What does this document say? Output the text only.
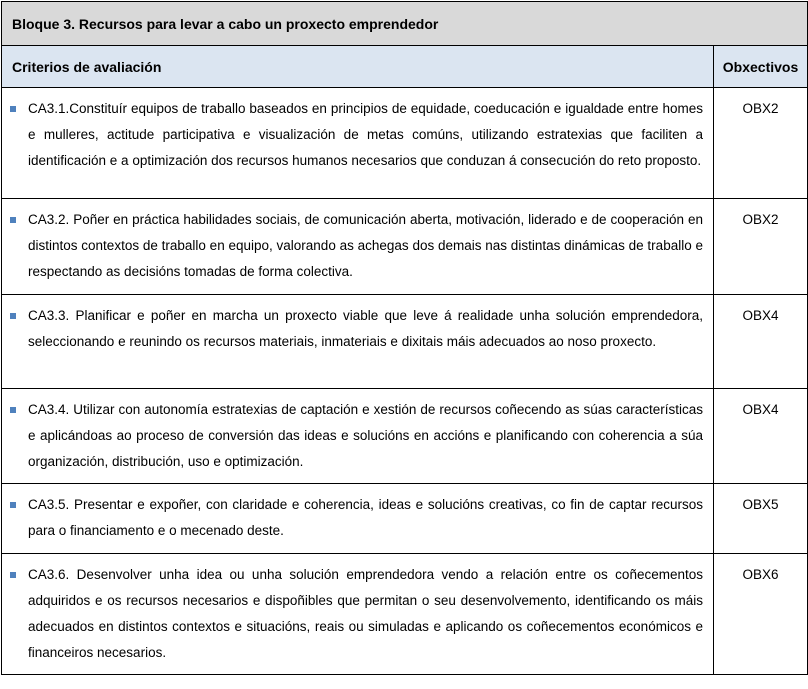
Bloque 3. Recursos para levar a cabo un proxecto emprendedor	
Criterios de avaliación	Obxectivos

CA3.1.Constituír equipos de traballo baseados en principios de equidade, coeducación e igualdade entre homes e mulleres, actitude participativa e visualización de metas comúns, utilizando estratexias que faciliten a identificación e a optimización dos recursos humanos necesarios que conduzan á consecución do reto proposto.	OBX2

CA3.2. Poñer en práctica habilidades sociais, de comunicación aberta, motivación, liderado e de cooperación en distintos contextos de traballo en equipo, valorando as achegas dos demais nas distintas dinámicas de traballo e respectando as decisións tomadas de forma colectiva.	OBX2

CA3.3. Planificar e poñer en marcha un proxecto viable que leve á realidade unha solución emprendedora, seleccionando e reunindo os recursos materiais, inmateriais e dixitais máis adecuados ao noso proxecto.	OBX4

CA3.4. Utilizar con autonomía estratexias de captación e xestión de recursos coñecendo as súas características e aplicándoas ao proceso de conversión das ideas e solucións en accións e planificando con coherencia a súa organización, distribución, uso e optimización.	OBX4

CA3.5. Presentar e expoñer, con claridade e coherencia, ideas e solucións creativas, co fin de captar recursos para o financiamento e o mecenado deste.	OBX5

CA3.6. Desenvolver unha idea ou unha solución emprendedora vendo a relación entre os coñecementos adquiridos e os recursos necesarios e dispoñibles que permitan o seu desenvolvemento, identificando os máis adecuados en distintos contextos e situacións, reais ou simuladas e aplicando os coñecementos económicos e financeiros necesarios.	OBX6
